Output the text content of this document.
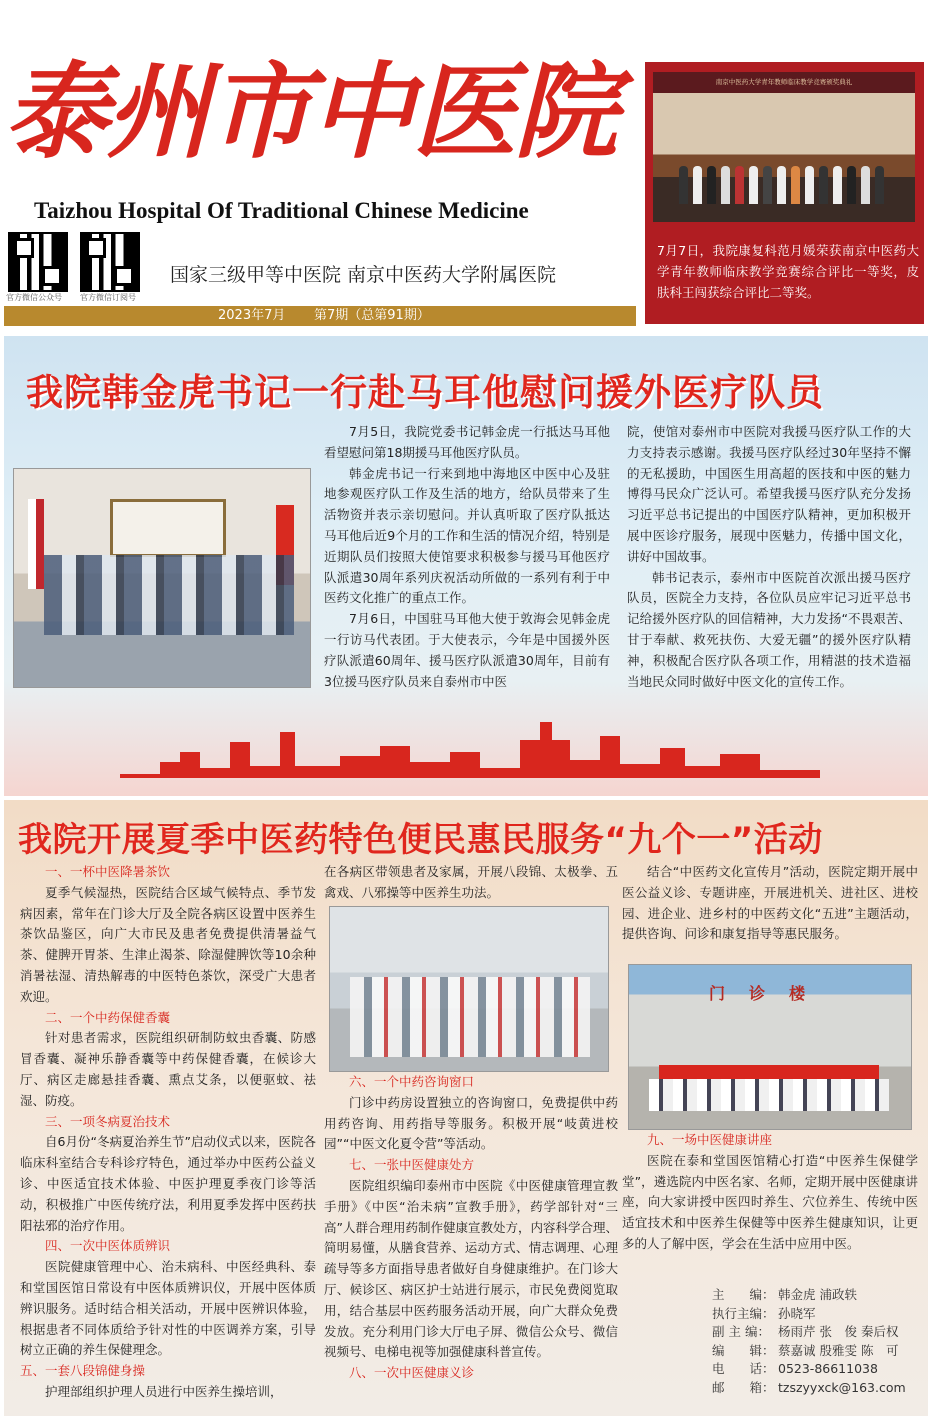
泰州市中医院
Taizhou Hospital Of Traditional Chinese Medicine
官方微信公众号 官方微信订阅号
国家三级甲等中医院 南京中医药大学附属医院
2023年7月 第7期（总第91期）
南京中医药大学青年教师临床教学竞赛颁奖典礼
7月7日，我院康复科范月媛荣获南京中医药大学青年教师临床教学竞赛综合评比一等奖，皮肤科王闯获综合评比二等奖。
我院韩金虎书记一行赴马耳他慰问援外医疗队员

7月5日，我院党委书记韩金虎一行抵达马耳他看望慰问第18期援马耳他医疗队员。

韩金虎书记一行来到地中海地区中医中心及驻地参观医疗队工作及生活的地方，给队员带来了生活物资并表示亲切慰问。并认真听取了医疗队抵达马耳他后近9个月的工作和生活的情况介绍，特别是近期队员们按照大使馆要求积极参与援马耳他医疗队派遣30周年系列庆祝活动所做的一系列有利于中医药文化推广的重点工作。

7月6日，中国驻马耳他大使于敦海会见韩金虎一行访马代表团。于大使表示，今年是中国援外医疗队派遣60周年、援马医疗队派遣30周年，目前有3位援马医疗队员来自泰州市中医

院，使馆对泰州市中医院对我援马医疗队工作的大力支持表示感谢。我援马医疗队经过30年坚持不懈的无私援助，中国医生用高超的医技和中医的魅力博得马民众广泛认可。希望我援马医疗队充分发扬习近平总书记提出的中国医疗队精神，更加积极开展中医诊疗服务，展现中医魅力，传播中国文化，讲好中国故事。

韩书记表示，泰州市中医院首次派出援马医疗队员，医院全力支持，各位队员应牢记习近平总书记给援外医疗队的回信精神，大力发扬“不畏艰苦、甘于奉献、救死扶伤、大爱无疆”的援外医疗队精神，积极配合医疗队各项工作，用精湛的技术造福当地民众同时做好中医文化的宣传工作。

我院开展夏季中医药特色便民惠民服务“九个一”活动
一、一杯中医降暑茶饮

夏季气候湿热，医院结合区域气候特点、季节发病因素，常年在门诊大厅及全院各病区设置中医养生茶饮品鉴区，向广大市民及患者免费提供清暑益气茶、健脾开胃茶、生津止渴茶、除湿健脾饮等10余种消暑祛湿、清热解毒的中医特色茶饮，深受广大患者欢迎。

二、一个中药保健香囊

针对患者需求，医院组织研制防蚊虫香囊、防感冒香囊、凝神乐静香囊等中药保健香囊，在候诊大厅、病区走廊悬挂香囊、熏点艾条，以便驱蚊、祛湿、防疫。

三、一项冬病夏治技术

自6月份“冬病夏治养生节”启动仪式以来，医院各临床科室结合专科诊疗特色，通过举办中医药公益义诊、中医适宜技术体验、中医护理夏季夜门诊等活动，积极推广中医传统疗法，利用夏季发挥中医药扶阳祛邪的治疗作用。

四、一次中医体质辨识

医院健康管理中心、治未病科、中医经典科、泰和堂国医馆日常设有中医体质辨识仪，开展中医体质辨识服务。适时结合相关活动，开展中医辨识体验，根据患者不同体质给予针对性的中医调养方案，引导树立正确的养生保健理念。

五、一套八段锦健身操

护理部组织护理人员进行中医养生操培训，

在各病区带领患者及家属，开展八段锦、太极拳、五禽戏、八邪操等中医养生功法。

六、一个中药咨询窗口

门诊中药房设置独立的咨询窗口，免费提供中药用药咨询、用药指导等服务。积极开展“岐黄进校园”“中医文化夏令营”等活动。

七、一张中医健康处方

医院组织编印泰州市中医院《中医健康管理宣教手册》《中医“治未病”宣教手册》，药学部针对“三高”人群合理用药制作健康宣教处方，内容科学合理、简明易懂，从膳食营养、运动方式、情志调理、心理疏导等多方面指导患者做好自身健康维护。在门诊大厅、候诊区、病区护士站进行展示，市民免费阅览取用，结合基层中医药服务活动开展，向广大群众免费发放。充分利用门诊大厅电子屏、微信公众号、微信视频号、电梯电视等加强健康科普宣传。

八、一次中医健康义诊

结合“中医药文化宣传月”活动，医院定期开展中医公益义诊、专题讲座，开展进机关、进社区、进校园、进企业、进乡村的中医药文化“五进”主题活动，提供咨询、问诊和康复指导等惠民服务。

门诊楼
九、一场中医健康讲座

医院在泰和堂国医馆精心打造“中医养生保健学堂”，遴选院内中医名家、名师，定期开展中医健康讲座，向大家讲授中医四时养生、穴位养生、传统中医适宜技术和中医养生保健等中医养生健康知识，让更多的人了解中医，学会在生活中应用中医。

主　　编： 韩金虎 浦政轶
执行主编： 孙晓军
副 主 编： 杨雨芹 张　俊 秦后权
编　　辑： 蔡嘉诚 殷雅雯 陈　可
电　　话： 0523-86611038
邮　　箱： tzszyyxck@163.com
